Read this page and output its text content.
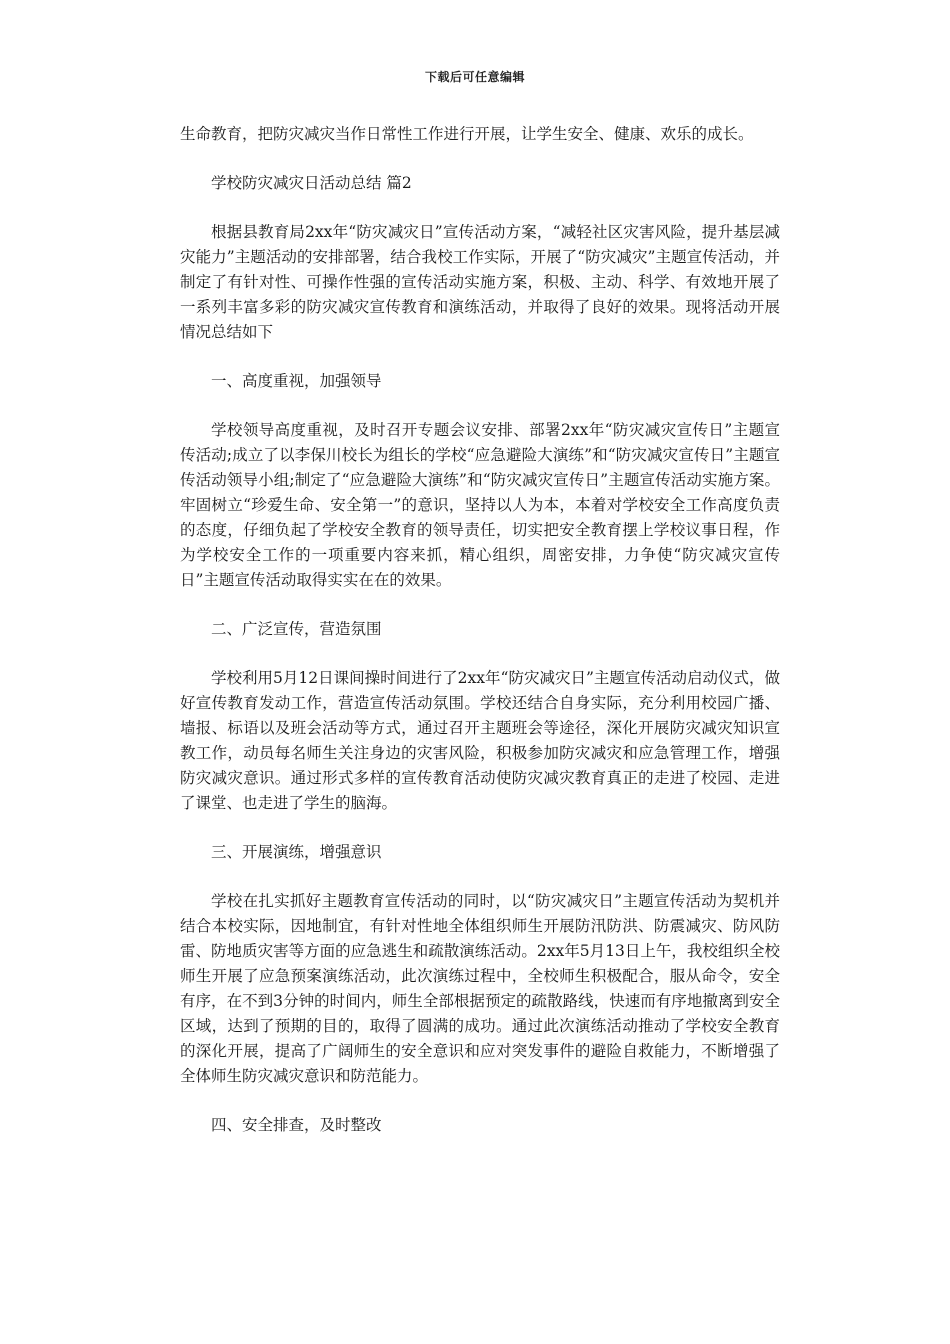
下载后可任意编辑

生命教育，把防灾减灾当作日常性工作进行开展，让学生安全、健康、欢乐的成长。

学校防灾减灾日活动总结 篇2

根据县教育局2xx年“防灾减灾日”宣传活动方案，“减轻社区灾害风险，提升基层减灾能力”主题活动的安排部署，结合我校工作实际，开展了“防灾减灾”主题宣传活动，并制定了有针对性、可操作性强的宣传活动实施方案，积极、主动、科学、有效地开展了一系列丰富多彩的防灾减灾宣传教育和演练活动，并取得了良好的效果。现将活动开展情况总结如下

一、高度重视，加强领导

学校领导高度重视，及时召开专题会议安排、部署2xx年“防灾减灾宣传日”主题宣传活动;成立了以李保川校长为组长的学校“应急避险大演练”和“防灾减灾宣传日”主题宣传活动领导小组;制定了“应急避险大演练”和“防灾减灾宣传日”主题宣传活动实施方案。牢固树立“珍爱生命、安全第一”的意识，坚持以人为本，本着对学校安全工作高度负责的态度，仔细负起了学校安全教育的领导责任，切实把安全教育摆上学校议事日程，作为学校安全工作的一项重要内容来抓，精心组织，周密安排，力争使“防灾减灾宣传日”主题宣传活动取得实实在在的效果。

二、广泛宣传，营造氛围

学校利用5月12日课间操时间进行了2xx年“防灾减灾日”主题宣传活动启动仪式，做好宣传教育发动工作，营造宣传活动氛围。学校还结合自身实际，充分利用校园广播、墙报、标语以及班会活动等方式，通过召开主题班会等途径，深化开展防灾减灾知识宣教工作，动员每名师生关注身边的灾害风险，积极参加防灾减灾和应急管理工作，增强防灾减灾意识。通过形式多样的宣传教育活动使防灾减灾教育真正的走进了校园、走进了课堂、也走进了学生的脑海。

三、开展演练，增强意识

学校在扎实抓好主题教育宣传活动的同时，以“防灾减灾日”主题宣传活动为契机并结合本校实际，因地制宜，有针对性地全体组织师生开展防汛防洪、防震减灾、防风防雷、防地质灾害等方面的应急逃生和疏散演练活动。2xx年5月13日上午，我校组织全校师生开展了应急预案演练活动，此次演练过程中，全校师生积极配合，服从命令，安全有序，在不到3分钟的时间内，师生全部根据预定的疏散路线，快速而有序地撤离到安全区域，达到了预期的目的，取得了圆满的成功。通过此次演练活动推动了学校安全教育的深化开展，提高了广阔师生的安全意识和应对突发事件的避险自救能力，不断增强了全体师生防灾减灾意识和防范能力。

四、安全排查，及时整改
